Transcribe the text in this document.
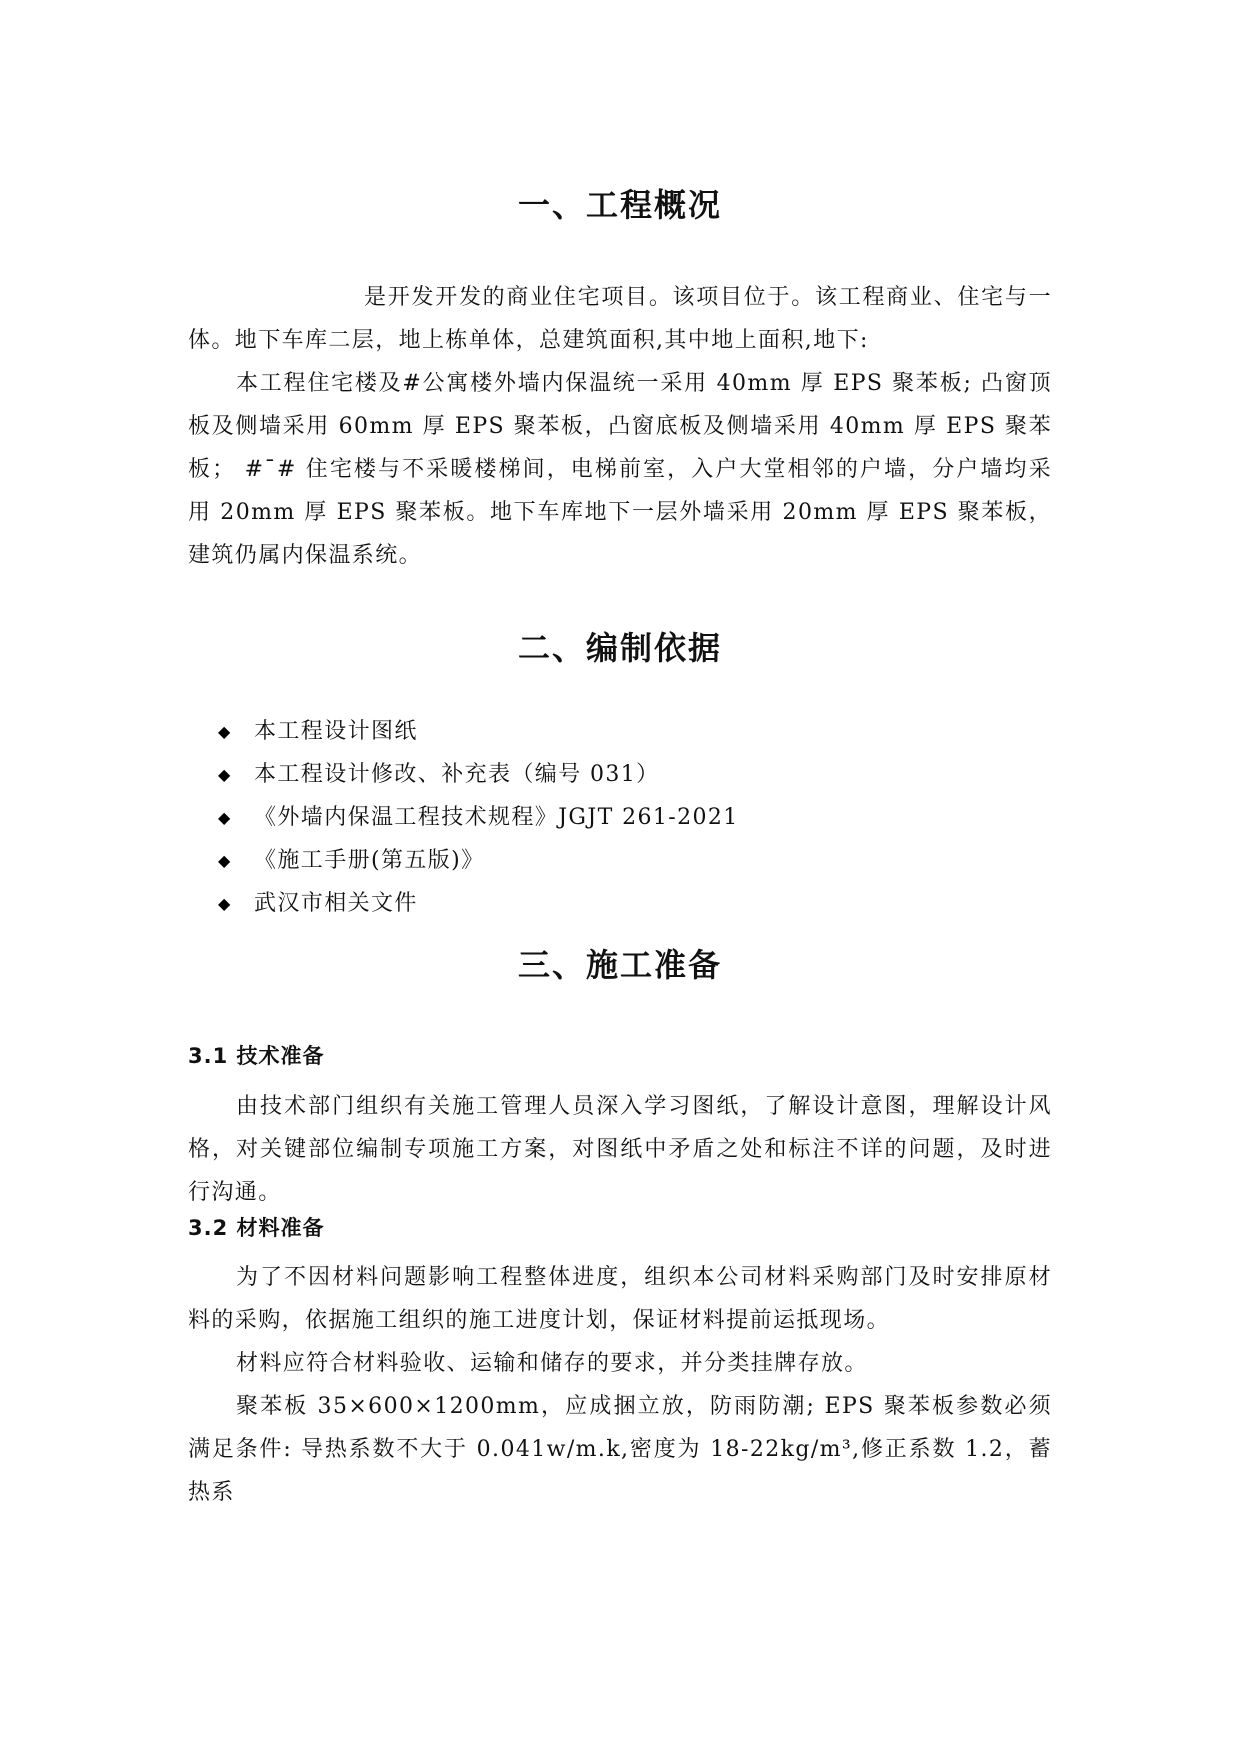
一、工程概况

是开发开发的商业住宅项目。该项目位于。该工程商业、住宅与一体。地下车库二层，地上栋单体，总建筑面积,其中地上面积,地下:

本工程住宅楼及#公寓楼外墙内保温统一采用 40mm 厚 EPS 聚苯板; 凸窗顶板及侧墙采用 60mm 厚 EPS 聚苯板，凸窗底板及侧墙采用 40mm 厚 EPS 聚苯板； #¯# 住宅楼与不采暖楼梯间，电梯前室，入户大堂相邻的户墙，分户墙均采用 20mm 厚 EPS 聚苯板。地下车库地下一层外墙采用 20mm 厚 EPS 聚苯板，建筑仍属内保温系统。

二、编制依据
◆	本工程设计图纸
◆	本工程设计修改、补充表（编号 031）
◆	《外墙内保温工程技术规程》JGJT 261-2021
◆	《施工手册(第五版)》
◆	武汉市相关文件
三、施工准备
3.1 技术准备

由技术部门组织有关施工管理人员深入学习图纸，了解设计意图，理解设计风格，对关键部位编制专项施工方案，对图纸中矛盾之处和标注不详的问题，及时进行沟通。

3.2 材料准备

为了不因材料问题影响工程整体进度，组织本公司材料采购部门及时安排原材料的采购，依据施工组织的施工进度计划，保证材料提前运抵现场。

材料应符合材料验收、运输和储存的要求，并分类挂牌存放。

聚苯板 35×600×1200mm，应成捆立放，防雨防潮; EPS 聚苯板参数必须满足条件: 导热系数不大于 0.041w/m.k,密度为 18-22kg/m³,修正系数 1.2，蓄热系
